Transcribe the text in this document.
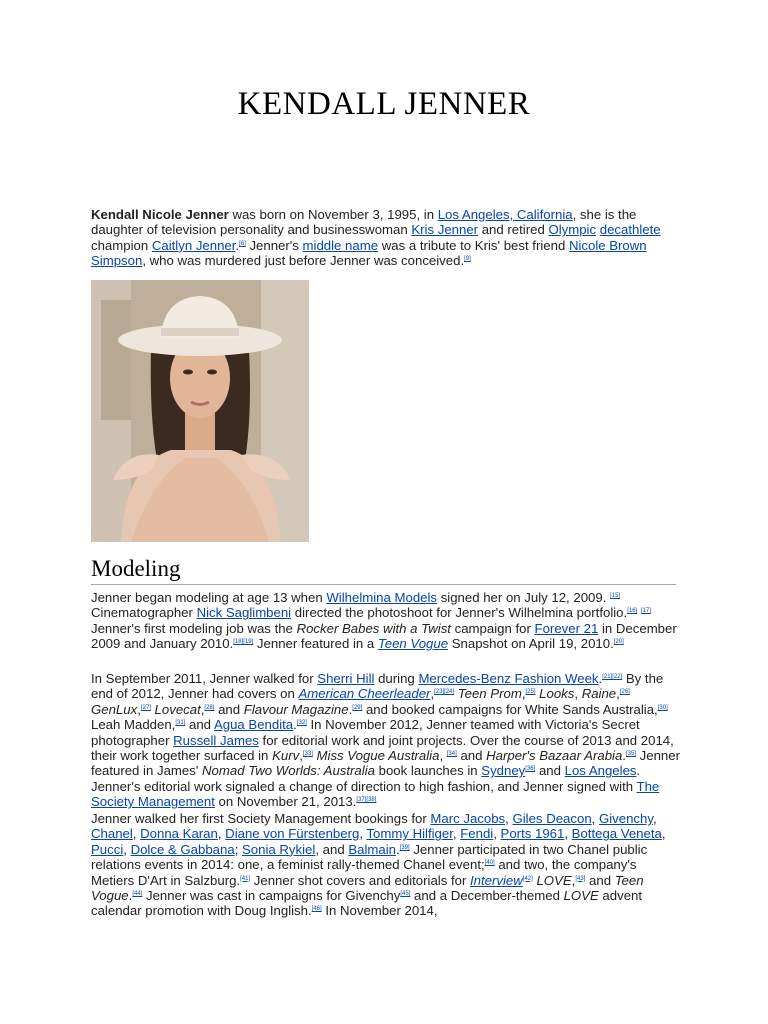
KENDALL JENNER
Kendall Nicole Jenner was born on November 3, 1995, in Los Angeles, California, she is the daughter of television personality and businesswoman Kris Jenner and retired Olympic decathlete champion Caitlyn Jenner.[6] Jenner's middle name was a tribute to Kris' best friend Nicole Brown Simpson, who was murdered just before Jenner was conceived.[9]
Modeling
Jenner began modeling at age 13 when Wilhelmina Models signed her on July 12, 2009. [15] Cinematographer Nick Saglimbeni directed the photoshoot for Jenner's Wilhelmina portfolio.[16] [17] Jenner's first modeling job was the Rocker Babes with a Twist campaign for Forever 21 in December 2009 and January 2010.[18][19] Jenner featured in a Teen Vogue Snapshot on April 19, 2010.[20]
In September 2011, Jenner walked for Sherri Hill during Mercedes-Benz Fashion Week.[21][22] By the end of 2012, Jenner had covers on American Cheerleader,[23][24] Teen Prom,[25] Looks, Raine,[26] GenLux,[27] Lovecat,[28] and Flavour Magazine.[29] and booked campaigns for White Sands Australia,[30] Leah Madden,[31] and Agua Bendita.[32] In November 2012, Jenner teamed with Victoria's Secret photographer Russell James for editorial work and joint projects. Over the course of 2013 and 2014, their work together surfaced in Kurv,[33] Miss Vogue Australia, [34] and Harper's Bazaar Arabia.[35] Jenner featured in James' Nomad Two Worlds: Australia book launches in Sydney[36] and Los Angeles. Jenner's editorial work signaled a change of direction to high fashion, and Jenner signed with The Society Management on November 21, 2013.[37][38]
Jenner walked her first Society Management bookings for Marc Jacobs, Giles Deacon, Givenchy, Chanel, Donna Karan, Diane von Fürstenberg, Tommy Hilfiger, Fendi, Ports 1961, Bottega Veneta, Pucci, Dolce & Gabbana; Sonia Rykiel, and Balmain.[39] Jenner participated in two Chanel public relations events in 2014: one, a feminist rally-themed Chanel event;[40] and two, the company's Metiers D'Art in Salzburg.[41] Jenner shot covers and editorials for Interview[42] LOVE,[43] and Teen Vogue.[44] Jenner was cast in campaigns for Givenchy[45] and a December-themed LOVE advent calendar promotion with Doug Inglish.[46] In November 2014,
